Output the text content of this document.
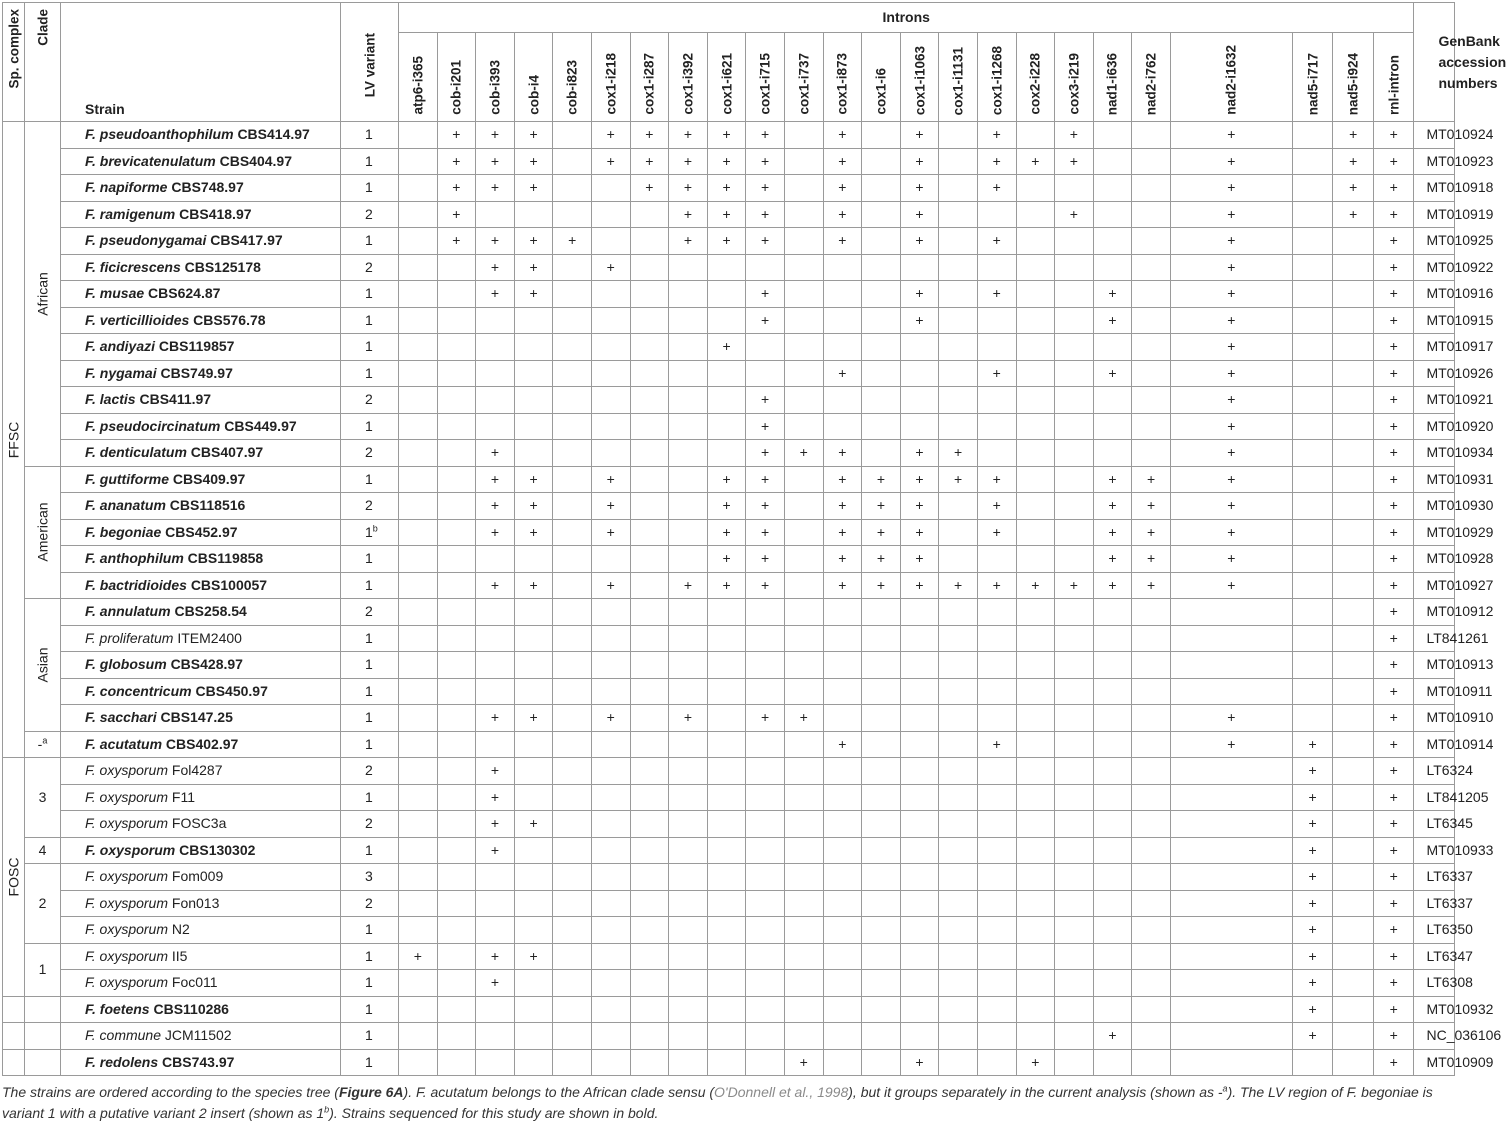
Sp. complex	Clade	Strain	LV variant	Introns																								GenBank accession numbers

				atp6-i365	cob-i201	cob-i393	cob-i4	cob-i823	cox1-i218	cox1-i287	cox1-i392	cox1-i621	cox1-i715	cox1-i737	cox1-i873	cox1-i6	cox1-i1063	cox1-i1131	cox1-i1268	cox2-i228	cox3-i219	nad1-i636	nad2-i762	nad2-i1632	nad5-i717	nad5-i924	rnl-intron	

FFSC	African	F. pseudoanthophilum CBS414.97	1		+	+	+		+	+	+	+	+		+		+		+		+			+		+	+	MT010924
		F. brevicatenulatum CBS404.97	1		+	+	+		+	+	+	+	+		+		+		+	+	+			+		+	+	MT010923
		F. napiforme CBS748.97	1		+	+	+			+	+	+	+		+		+		+					+		+	+	MT010918
		F. ramigenum CBS418.97	2		+						+	+	+		+		+				+			+		+	+	MT010919
		F. pseudonygamai CBS417.97	1		+	+	+	+			+	+	+		+		+		+					+			+	MT010925
		F. ficicrescens CBS125178	2			+	+		+															+			+	MT010922
		F. musae CBS624.87	1			+	+						+				+		+			+		+			+	MT010916
		F. verticillioides CBS576.78	1										+				+					+		+			+	MT010915
		F. andiyazi CBS119857	1									+												+			+	MT010917
		F. nygamai CBS749.97	1												+				+			+		+			+	MT010926
		F. lactis CBS411.97	2										+											+			+	MT010921
		F. pseudocircinatum CBS449.97	1										+											+			+	MT010920
		F. denticulatum CBS407.97	2			+							+	+	+		+	+						+			+	MT010934

	American	F. guttiforme CBS409.97	1			+	+		+			+	+		+	+	+	+	+			+	+	+			+	MT010931
		F. ananatum CBS118516	2			+	+		+			+	+		+	+	+		+			+	+	+			+	MT010930
		F. begoniae CBS452.97	1$^b$			+	+		+			+	+		+	+	+		+			+	+	+			+	MT010929
		F. anthophilum CBS119858	1									+	+		+	+	+					+	+	+			+	MT010928
		F. bactridioides CBS100057	1			+	+		+		+	+	+		+	+	+	+	+	+	+	+	+	+			+	MT010927

	Asian	F. annulatum CBS258.54	2																								+	MT010912
		F. proliferatum ITEM2400	1																								+	LT841261
		F. globosum CBS428.97	1																								+	MT010913
		F. concentricum CBS450.97	1																								+	MT010911
		F. sacchari CBS147.25	1			+	+		+		+		+	+										+			+	MT010910
	-$^a$	F. acutatum CBS402.97	1												+				+					+	+		+	MT010914

FOSC	3	F. oxysporum Fol4287	2			+																			+		+	LT6324
		F. oxysporum F11	1			+																			+		+	LT841205
		F. oxysporum FOSC3a	2			+	+																		+		+	LT6345
	4	F. oxysporum CBS130302	1			+																			+		+	MT010933
	2	F. oxysporum Fom009	3																						+		+	LT6337
		F. oxysporum Fon013	2																						+		+	LT6337
		F. oxysporum N2	1																						+		+	LT6350
	1	F. oxysporum II5	1	+		+	+																		+		+	LT6347
		F. oxysporum Foc011	1			+																			+		+	LT6308
		F. foetens CBS110286	1																						+		+	MT010932
		F. commune JCM11502	1																			+			+		+	NC_036106
		F. redolens CBS743.97	1											+			+			+							+	MT010909
The strains are ordered according to the species tree (Figure 6A). F. acutatum belongs to the African clade sensu (O'Donnell et al., 1998), but it groups separately in the current analysis (shown as -$^a$). The LV region of F. begoniae is variant 1 with a putative variant 2 insert (shown as 1$^b$). Strains sequenced for this study are shown in bold.
